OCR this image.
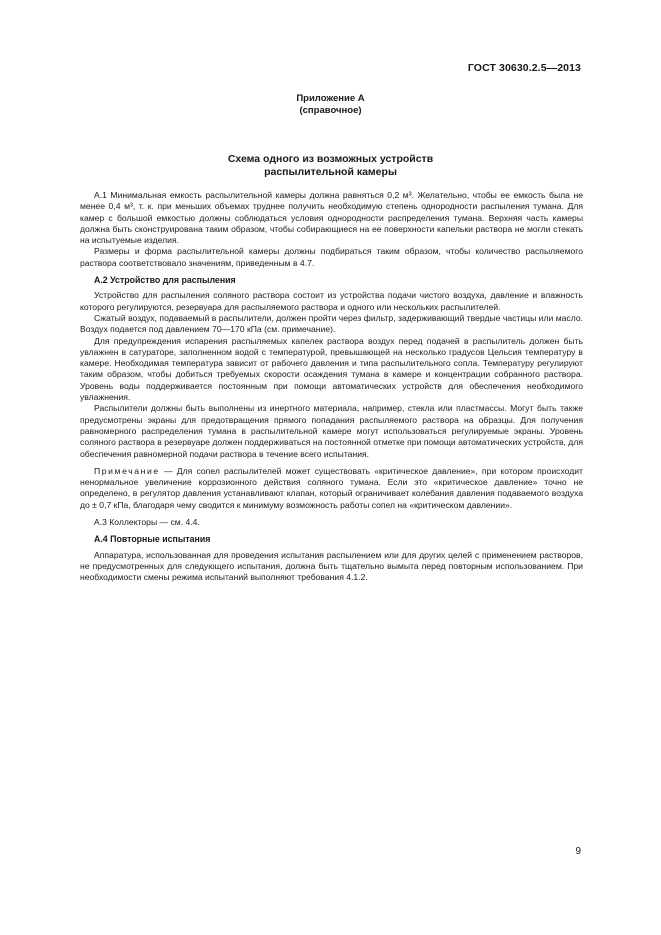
ГОСТ 30630.2.5—2013
Приложение А
(справочное)
Схема одного из возможных устройств
распылительной камеры

А.1 Минимальная емкость распылительной камеры должна равняться 0,2 м³. Желательно, чтобы ее емкость была не менее 0,4 м³, т. к. при меньших объемах труднее получить необходимую степень однородности распыления тумана. Для камер с большой емкостью должны соблюдаться условия однородности распределения тумана. Верхняя часть камеры должна быть сконструирована таким образом, чтобы собирающиеся на ее поверхности капельки раствора не могли стекать на испытуемые изделия.

Размеры и форма распылительной камеры должны подбираться таким образом, чтобы количество распыляемого раствора соответствовало значениям, приведенным в 4.7.

А.2 Устройство для распыления

Устройство для распыления соляного раствора состоит из устройства подачи чистого воздуха, давление и влажность которого регулируются, резервуара для распыляемого раствора и одного или нескольких распылителей.

Сжатый воздух, подаваемый в распылители, должен пройти через фильтр, задерживающий твердые частицы или масло. Воздух подается под давлением 70—170 кПа (см. примечание).

Для предупреждения испарения распыляемых капелек раствора воздух перед подачей в распылитель должен быть увлажнен в сатураторе, заполненном водой с температурой, превышающей на несколько градусов Цельсия температуру в камере. Необходимая температура зависит от рабочего давления и типа распылительного сопла. Температуру регулируют таким образом, чтобы добиться требуемых скорости осаждения тумана в камере и концентрации собранного раствора. Уровень воды поддерживается постоянным при помощи автоматических устройств для обеспечения необходимого увлажнения.

Распылители должны быть выполнены из инертного материала, например, стекла или пластмассы. Могут быть также предусмотрены экраны для предотвращения прямого попадания распыляемого раствора на образцы. Для получения равномерного распределения тумана в распылительной камере могут использоваться регулируемые экраны. Уровень соляного раствора в резервуаре должен поддерживаться на постоянной отметке при помощи автоматических устройств, для обеспечения равномерной подачи раствора в течение всего испытания.

Примечание — Для сопел распылителей может существовать «критическое давление», при котором происходит ненормальное увеличение коррозионного действия соляного тумана. Если это «критическое давление» точно не определено, в регулятор давления устанавливают клапан, который ограничивает колебания давления подаваемого воздуха до ± 0,7 кПа, благодаря чему сводится к минимуму возможность работы сопел на «критическом давлении».

А.3 Коллекторы — см. 4.4.

А.4 Повторные испытания

Аппаратура, использованная для проведения испытания распылением или для других целей с применением растворов, не предусмотренных для следующего испытания, должна быть тщательно вымыта перед повторным использованием. При необходимости смены режима испытаний выполняют требования 4.1.2.

9
